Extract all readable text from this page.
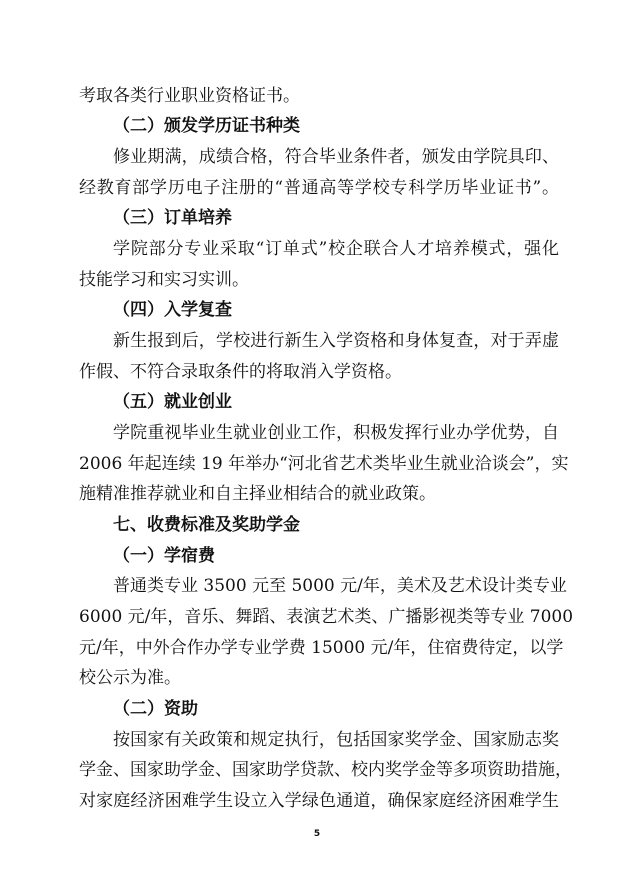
考取各类行业职业资格证书。
（二）颁发学历证书种类
修业期满，成绩合格，符合毕业条件者，颁发由学院具印、
经教育部学历电子注册的“普通高等学校专科学历毕业证书”。
（三）订单培养
学院部分专业采取“订单式”校企联合人才培养模式，强化
技能学习和实习实训。
（四）入学复查
新生报到后，学校进行新生入学资格和身体复查，对于弄虚
作假、不符合录取条件的将取消入学资格。
（五）就业创业
学院重视毕业生就业创业工作，积极发挥行业办学优势，自
2006 年起连续 19 年举办“河北省艺术类毕业生就业洽谈会”，实
施精准推荐就业和自主择业相结合的就业政策。
七、收费标准及奖助学金
（一）学宿费
普通类专业 3500 元至 5000 元/年，美术及艺术设计类专业
6000 元/年，音乐、舞蹈、表演艺术类、广播影视类等专业 7000
元/年，中外合作办学专业学费 15000 元/年，住宿费待定，以学
校公示为准。
（二）资助
按国家有关政策和规定执行，包括国家奖学金、国家励志奖
学金、国家助学金、国家助学贷款、校内奖学金等多项资助措施，
对家庭经济困难学生设立入学绿色通道，确保家庭经济困难学生
5
